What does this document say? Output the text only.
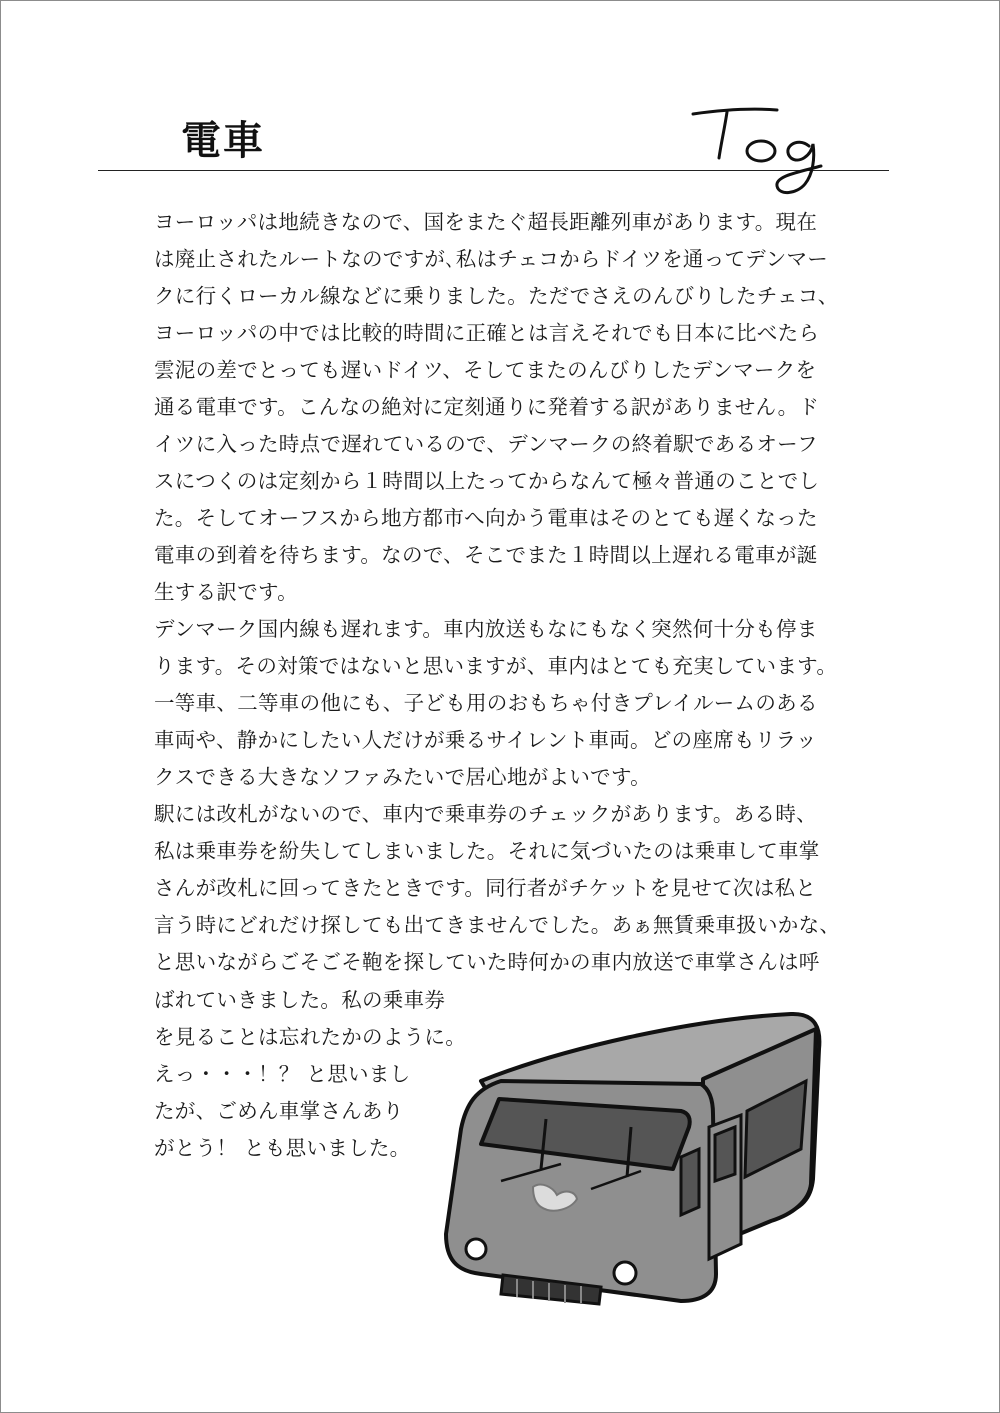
電車
ヨーロッパは地続きなので、国をまたぐ超長距離列車があります。現在
は廃止されたルートなのですが､私はチェコからドイツを通ってデンマー
クに行くローカル線などに乗りました。ただでさえのんびりしたチェコ、
ヨーロッパの中では比較的時間に正確とは言えそれでも日本に比べたら
雲泥の差でとっても遅いドイツ、そしてまたのんびりしたデンマークを
通る電車です。こんなの絶対に定刻通りに発着する訳がありません。ド
イツに入った時点で遅れているので、デンマークの終着駅であるオーフ
スにつくのは定刻から１時間以上たってからなんて極々普通のことでし
た。そしてオーフスから地方都市へ向かう電車はそのとても遅くなった
電車の到着を待ちます。なので、そこでまた１時間以上遅れる電車が誕
生する訳です。
デンマーク国内線も遅れます。車内放送もなにもなく突然何十分も停ま
ります。その対策ではないと思いますが、車内はとても充実しています。
一等車、二等車の他にも、子ども用のおもちゃ付きプレイルームのある
車両や、静かにしたい人だけが乗るサイレント車両。どの座席もリラッ
クスできる大きなソファみたいで居心地がよいです。
駅には改札がないので、車内で乗車券のチェックがあります。ある時、
私は乗車券を紛失してしまいました。それに気づいたのは乗車して車掌
さんが改札に回ってきたときです。同行者がチケットを見せて次は私と
言う時にどれだけ探しても出てきませんでした。あぁ無賃乗車扱いかな、
と思いながらごそごそ鞄を探していた時何かの車内放送で車掌さんは呼
ばれていきました。私の乗車券
を見ることは忘れたかのように。
えっ・・・！？ と思いまし
たが、ごめん車掌さんあり
がとう！ とも思いました。
